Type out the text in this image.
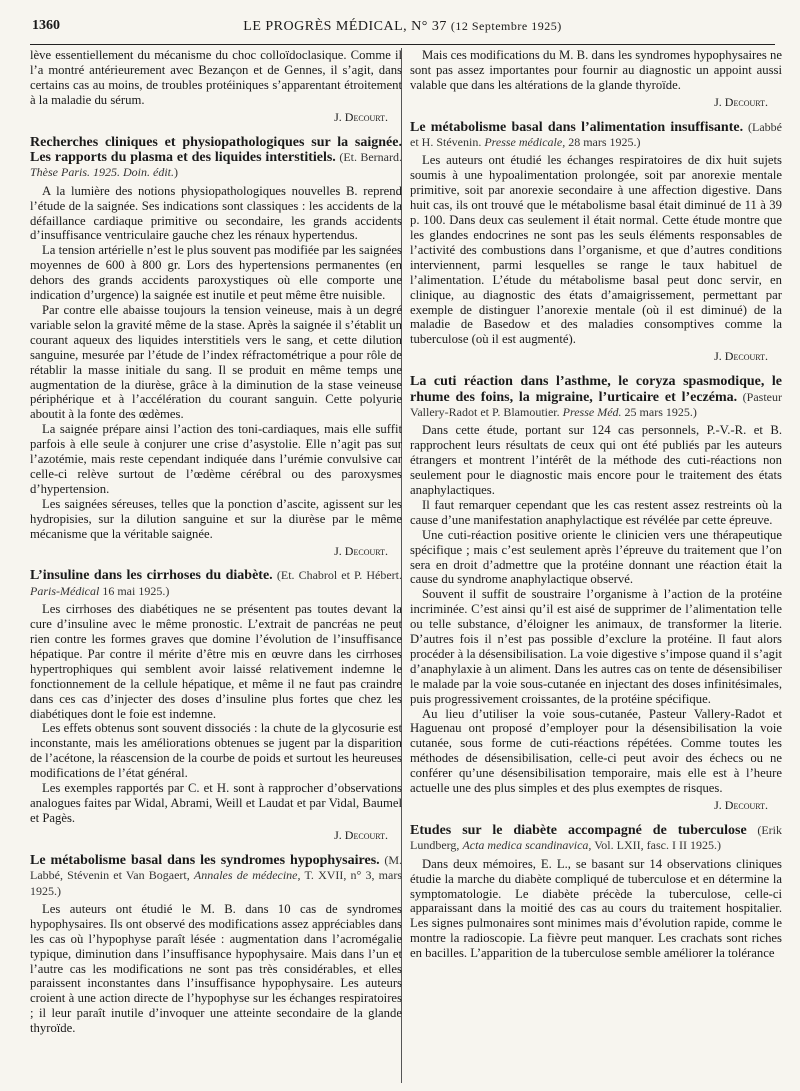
1360	LE PROGRÈS MÉDICAL, N° 37 (12 Septembre 1925)

lève essentiellement du mécanisme du choc colloïdoclasique. Comme il l’a montré antérieurement avec Bezançon et de Gennes, il s’agit, dans certains cas au moins, de troubles protéiniques s’apparentant étroitement à la maladie du sérum.

J. Decourt.
Recherches cliniques et physiopathologiques sur la saignée. Les rapports du plasma et des liquides interstitiels. (Et. Bernard. Thèse Paris. 1925. Doin. édit.)

A la lumière des notions physiopathologiques nouvelles B. reprend l’étude de la saignée. Ses indications sont classiques : les accidents de la défaillance cardiaque primitive ou secondaire, les grands accidents d’insuffisance ventriculaire gauche chez les rénaux hypertendus.

La tension artérielle n’est le plus souvent pas modifiée par les saignées moyennes de 600 à 800 gr. Lors des hypertensions permanentes (en dehors des grands accidents paroxystiques où elle comporte une indication d’urgence) la saignée est inutile et peut même être nuisible.

Par contre elle abaisse toujours la tension veineuse, mais à un degré variable selon la gravité même de la stase. Après la saignée il s’établit un courant aqueux des liquides interstitiels vers le sang, et cette dilution sanguine, mesurée par l’étude de l’index réfractométrique a pour rôle de rétablir la masse initiale du sang. Il se produit en même temps une augmentation de la diurèse, grâce à la diminution de la stase veineuse périphérique et à l’accélération du courant sanguin. Cette polyurie aboutit à la fonte des œdèmes.

La saignée prépare ainsi l’action des toni-cardiaques, mais elle suffit parfois à elle seule à conjurer une crise d’asystolie. Elle n’agit pas sur l’azotémie, mais reste cependant indiquée dans l’urémie convulsive car celle-ci relève surtout de l’œdème cérébral ou des paroxysmes d’hypertension.

Les saignées séreuses, telles que la ponction d’ascite, agissent sur les hydropisies, sur la dilution sanguine et sur la diurèse par le même mécanisme que la véritable saignée.

J. Decourt.
L’insuline dans les cirrhoses du diabète. (Et. Chabrol et P. Hébert. Paris-Médical 16 mai 1925.)

Les cirrhoses des diabétiques ne se présentent pas toutes devant la cure d’insuline avec le même pronostic. L’extrait de pancréas ne peut rien contre les formes graves que domine l’évolution de l’insuffisance hépatique. Par contre il mérite d’être mis en œuvre dans les cirrhoses hypertrophiques qui semblent avoir laissé relativement indemne le fonctionnement de la cellule hépatique, et même il ne faut pas craindre dans ces cas d’injecter des doses d’insuline plus fortes que chez les diabétiques dont le foie est indemne.

Les effets obtenus sont souvent dissociés : la chute de la glycosurie est inconstante, mais les améliorations obtenues se jugent par la disparition de l’acétone, la réascension de la courbe de poids et surtout les heureuses modifications de l’état général.

Les exemples rapportés par C. et H. sont à rapprocher d’observations analogues faites par Widal, Abrami, Weill et Laudat et par Vidal, Baumel et Pagès.

J. Decourt.
Le métabolisme basal dans les syndromes hypophysaires. (M. Labbé, Stévenin et Van Bogaert, Annales de médecine, T. XVII, n° 3, mars 1925.)

Les auteurs ont étudié le M. B. dans 10 cas de syndromes hypophysaires. Ils ont observé des modifications assez appréciables dans les cas où l’hypophyse paraît lésée : augmentation dans l’acromégalie typique, diminution dans l’insuffisance hypophysaire. Mais dans l’un et l’autre cas les modifications ne sont pas très considérables, et elles paraissent inconstantes dans l’insuffisance hypophysaire. Les auteurs croient à une action directe de l’hypophyse sur les échanges respiratoires ; il leur paraît inutile d’invoquer une atteinte secondaire de la glande thyroïde.

Mais ces modifications du M. B. dans les syndromes hypophysaires ne sont pas assez importantes pour fournir au diagnostic un appoint aussi valable que dans les altérations de la glande thyroïde.

J. Decourt.
Le métabolisme basal dans l’alimentation insuffisante. (Labbé et H. Stévenin. Presse médicale, 28 mars 1925.)

Les auteurs ont étudié les échanges respiratoires de dix huit sujets soumis à une hypoalimentation prolongée, soit par anorexie mentale primitive, soit par anorexie secondaire à une affection digestive. Dans huit cas, ils ont trouvé que le métabolisme basal était diminué de 11 à 39 p. 100. Dans deux cas seulement il était normal. Cette étude montre que les glandes endocrines ne sont pas les seuls éléments responsables de l’activité des combustions dans l’organisme, et que d’autres conditions interviennent, parmi lesquelles se range le taux habituel de l’alimentation. L’étude du métabolisme basal peut donc servir, en clinique, au diagnostic des états d’amaigrissement, permettant par exemple de distinguer l’anorexie mentale (où il est diminué) de la maladie de Basedow et des maladies consomptives comme la tuberculose (où il est augmenté).

J. Decourt.
La cuti réaction dans l’asthme, le coryza spasmodique, le rhume des foins, la migraine, l’urticaire et l’eczéma. (Pasteur Vallery-Radot et P. Blamoutier. Presse Méd. 25 mars 1925.)

Dans cette étude, portant sur 124 cas personnels, P.-V.-R. et B. rapprochent leurs résultats de ceux qui ont été publiés par les auteurs étrangers et montrent l’intérêt de la méthode des cuti-réactions non seulement pour le diagnostic mais encore pour le traitement des états anaphylactiques.

Il faut remarquer cependant que les cas restent assez restreints où la cause d’une manifestation anaphylactique est révélée par cette épreuve.

Une cuti-réaction positive oriente le clinicien vers une thérapeutique spécifique ; mais c’est seulement après l’épreuve du traitement que l’on sera en droit d’admettre que la protéine donnant une réaction était la cause du syndrome anaphylactique observé.

Souvent il suffit de soustraire l’organisme à l’action de la protéine incriminée. C’est ainsi qu’il est aisé de supprimer de l’alimentation telle ou telle substance, d’éloigner les animaux, de transformer la literie. D’autres fois il n’est pas possible d’exclure la protéine. Il faut alors procéder à la désensibilisation. La voie digestive s’impose quand il s’agit d’anaphylaxie à un aliment. Dans les autres cas on tente de désensibiliser le malade par la voie sous-cutanée en injectant des doses infinitésimales, puis progressivement croissantes, de la protéine spécifique.

Au lieu d’utiliser la voie sous-cutanée, Pasteur Vallery-Radot et Haguenau ont proposé d’employer pour la désensibilisation la voie cutanée, sous forme de cuti-réactions répétées. Comme toutes les méthodes de désensibilisation, celle-ci peut avoir des échecs ou ne conférer qu’une désensibilisation temporaire, mais elle est à l’heure actuelle une des plus simples et des plus exemptes de risques.

J. Decourt.
Etudes sur le diabète accompagné de tuberculose (Erik Lundberg, Acta medica scandinavica, Vol. LXII, fasc. I II 1925.)

Dans deux mémoires, E. L., se basant sur 14 observations cliniques étudie la marche du diabète compliqué de tuberculose et en détermine la symptomatologie. Le diabète précède la tuberculose, celle-ci apparaissant dans la moitié des cas au cours du traitement hospitalier. Les signes pulmonaires sont minimes mais d’évolution rapide, comme le montre la radioscopie. La fièvre peut manquer. Les crachats sont riches en bacilles. L’apparition de la tuberculose semble améliorer la tolérance
